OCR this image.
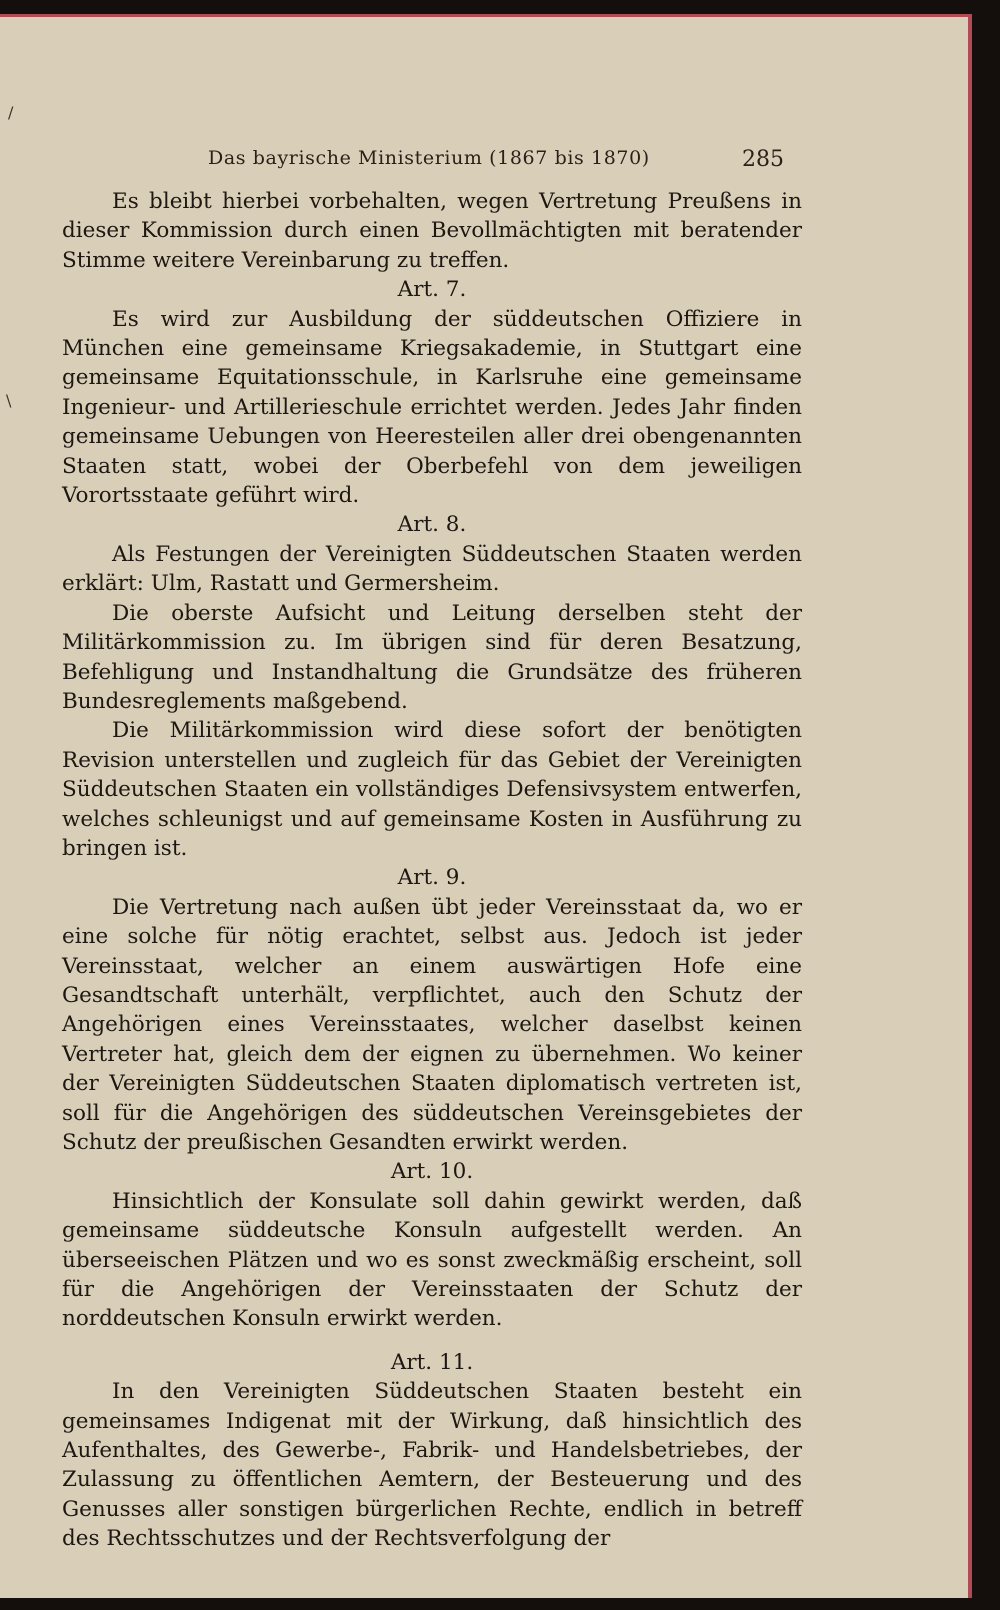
/
\
Das bayrische Ministerium (1867 bis 1870)	285

Es bleibt hierbei vorbehalten, wegen Vertretung Preußens in dieser Kommission durch einen Bevollmächtigten mit beratender Stimme weitere Vereinbarung zu treffen.

Art. 7.

Es wird zur Ausbildung der süddeutschen Offiziere in München eine gemeinsame Kriegsakademie, in Stuttgart eine gemeinsame Equitationsschule, in Karlsruhe eine gemeinsame Ingenieur- und Artillerieschule errichtet werden. Jedes Jahr finden gemeinsame Uebungen von Heeresteilen aller drei obengenannten Staaten statt, wobei der Oberbefehl von dem jeweiligen Vorortsstaate geführt wird.

Art. 8.

Als Festungen der Vereinigten Süddeutschen Staaten werden erklärt: Ulm, Rastatt und Germersheim.

Die oberste Aufsicht und Leitung derselben steht der Militärkommission zu. Im übrigen sind für deren Besatzung, Befehligung und Instandhaltung die Grundsätze des früheren Bundesreglements maßgebend.

Die Militärkommission wird diese sofort der benötigten Revision unterstellen und zugleich für das Gebiet der Vereinigten Süddeutschen Staaten ein vollständiges Defensivsystem entwerfen, welches schleunigst und auf gemeinsame Kosten in Ausführung zu bringen ist.

Art. 9.

Die Vertretung nach außen übt jeder Vereinsstaat da, wo er eine solche für nötig erachtet, selbst aus. Jedoch ist jeder Vereinsstaat, welcher an einem auswärtigen Hofe eine Gesandtschaft unterhält, verpflichtet, auch den Schutz der Angehörigen eines Vereinsstaates, welcher daselbst keinen Vertreter hat, gleich dem der eignen zu übernehmen. Wo keiner der Vereinigten Süddeutschen Staaten diplomatisch vertreten ist, soll für die Angehörigen des süddeutschen Vereinsgebietes der Schutz der preußischen Gesandten erwirkt werden.

Art. 10.

Hinsichtlich der Konsulate soll dahin gewirkt werden, daß gemeinsame süddeutsche Konsuln aufgestellt werden. An überseeischen Plätzen und wo es sonst zweckmäßig erscheint, soll für die Angehörigen der Vereinsstaaten der Schutz der norddeutschen Konsuln erwirkt werden.

Art. 11.

In den Vereinigten Süddeutschen Staaten besteht ein gemeinsames Indigenat mit der Wirkung, daß hinsichtlich des Aufenthaltes, des Gewerbe-, Fabrik- und Handelsbetriebes, der Zulassung zu öffentlichen Aemtern, der Besteuerung und des Genusses aller sonstigen bürgerlichen Rechte, endlich in betreff des Rechtsschutzes und der Rechtsverfolgung der
